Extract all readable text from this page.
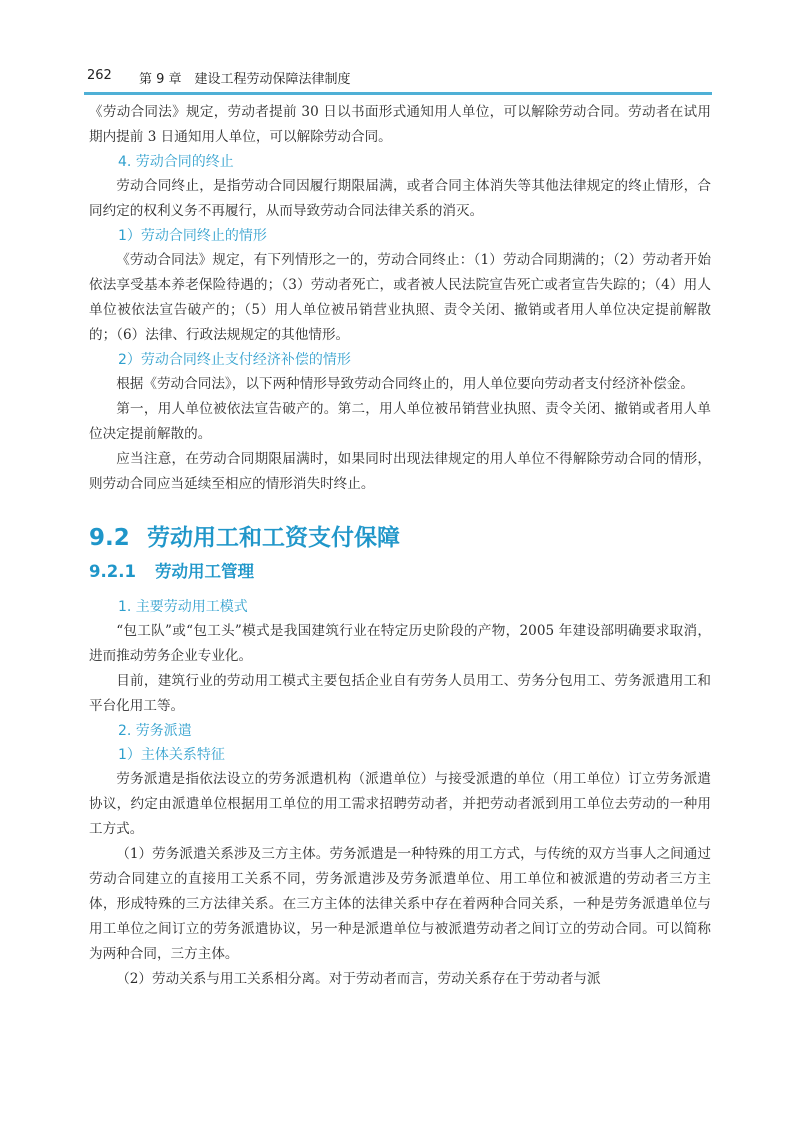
262 第 9 章　建设工程劳动保障法律制度

《劳动合同法》规定，劳动者提前 30 日以书面形式通知用人单位，可以解除劳动合同。劳动者在试用期内提前 3 日通知用人单位，可以解除劳动合同。

4. 劳动合同的终止

劳动合同终止，是指劳动合同因履行期限届满，或者合同主体消失等其他法律规定的终止情形，合同约定的权利义务不再履行，从而导致劳动合同法律关系的消灭。

1）劳动合同终止的情形

《劳动合同法》规定，有下列情形之一的，劳动合同终止：（1）劳动合同期满的；（2）劳动者开始依法享受基本养老保险待遇的；（3）劳动者死亡，或者被人民法院宣告死亡或者宣告失踪的；（4）用人单位被依法宣告破产的；（5）用人单位被吊销营业执照、责令关闭、撤销或者用人单位决定提前解散的；（6）法律、行政法规规定的其他情形。

2）劳动合同终止支付经济补偿的情形

根据《劳动合同法》，以下两种情形导致劳动合同终止的，用人单位要向劳动者支付经济补偿金。

第一，用人单位被依法宣告破产的。第二，用人单位被吊销营业执照、责令关闭、撤销或者用人单位决定提前解散的。

应当注意，在劳动合同期限届满时，如果同时出现法律规定的用人单位不得解除劳动合同的情形，则劳动合同应当延续至相应的情形消失时终止。

9.2 劳动用工和工资支付保障
9.2.1 劳动用工管理
1. 主要劳动用工模式

“包工队”或“包工头”模式是我国建筑行业在特定历史阶段的产物，2005 年建设部明确要求取消，进而推动劳务企业专业化。

目前，建筑行业的劳动用工模式主要包括企业自有劳务人员用工、劳务分包用工、劳务派遣用工和平台化用工等。

2. 劳务派遣
1）主体关系特征

劳务派遣是指依法设立的劳务派遣机构（派遣单位）与接受派遣的单位（用工单位）订立劳务派遣协议，约定由派遣单位根据用工单位的用工需求招聘劳动者，并把劳动者派到用工单位去劳动的一种用工方式。

（1）劳务派遣关系涉及三方主体。劳务派遣是一种特殊的用工方式，与传统的双方当事人之间通过劳动合同建立的直接用工关系不同，劳务派遣涉及劳务派遣单位、用工单位和被派遣的劳动者三方主体，形成特殊的三方法律关系。在三方主体的法律关系中存在着两种合同关系，一种是劳务派遣单位与用工单位之间订立的劳务派遣协议，另一种是派遣单位与被派遣劳动者之间订立的劳动合同。可以简称为两种合同，三方主体。

（2）劳动关系与用工关系相分离。对于劳动者而言，劳动关系存在于劳动者与派
